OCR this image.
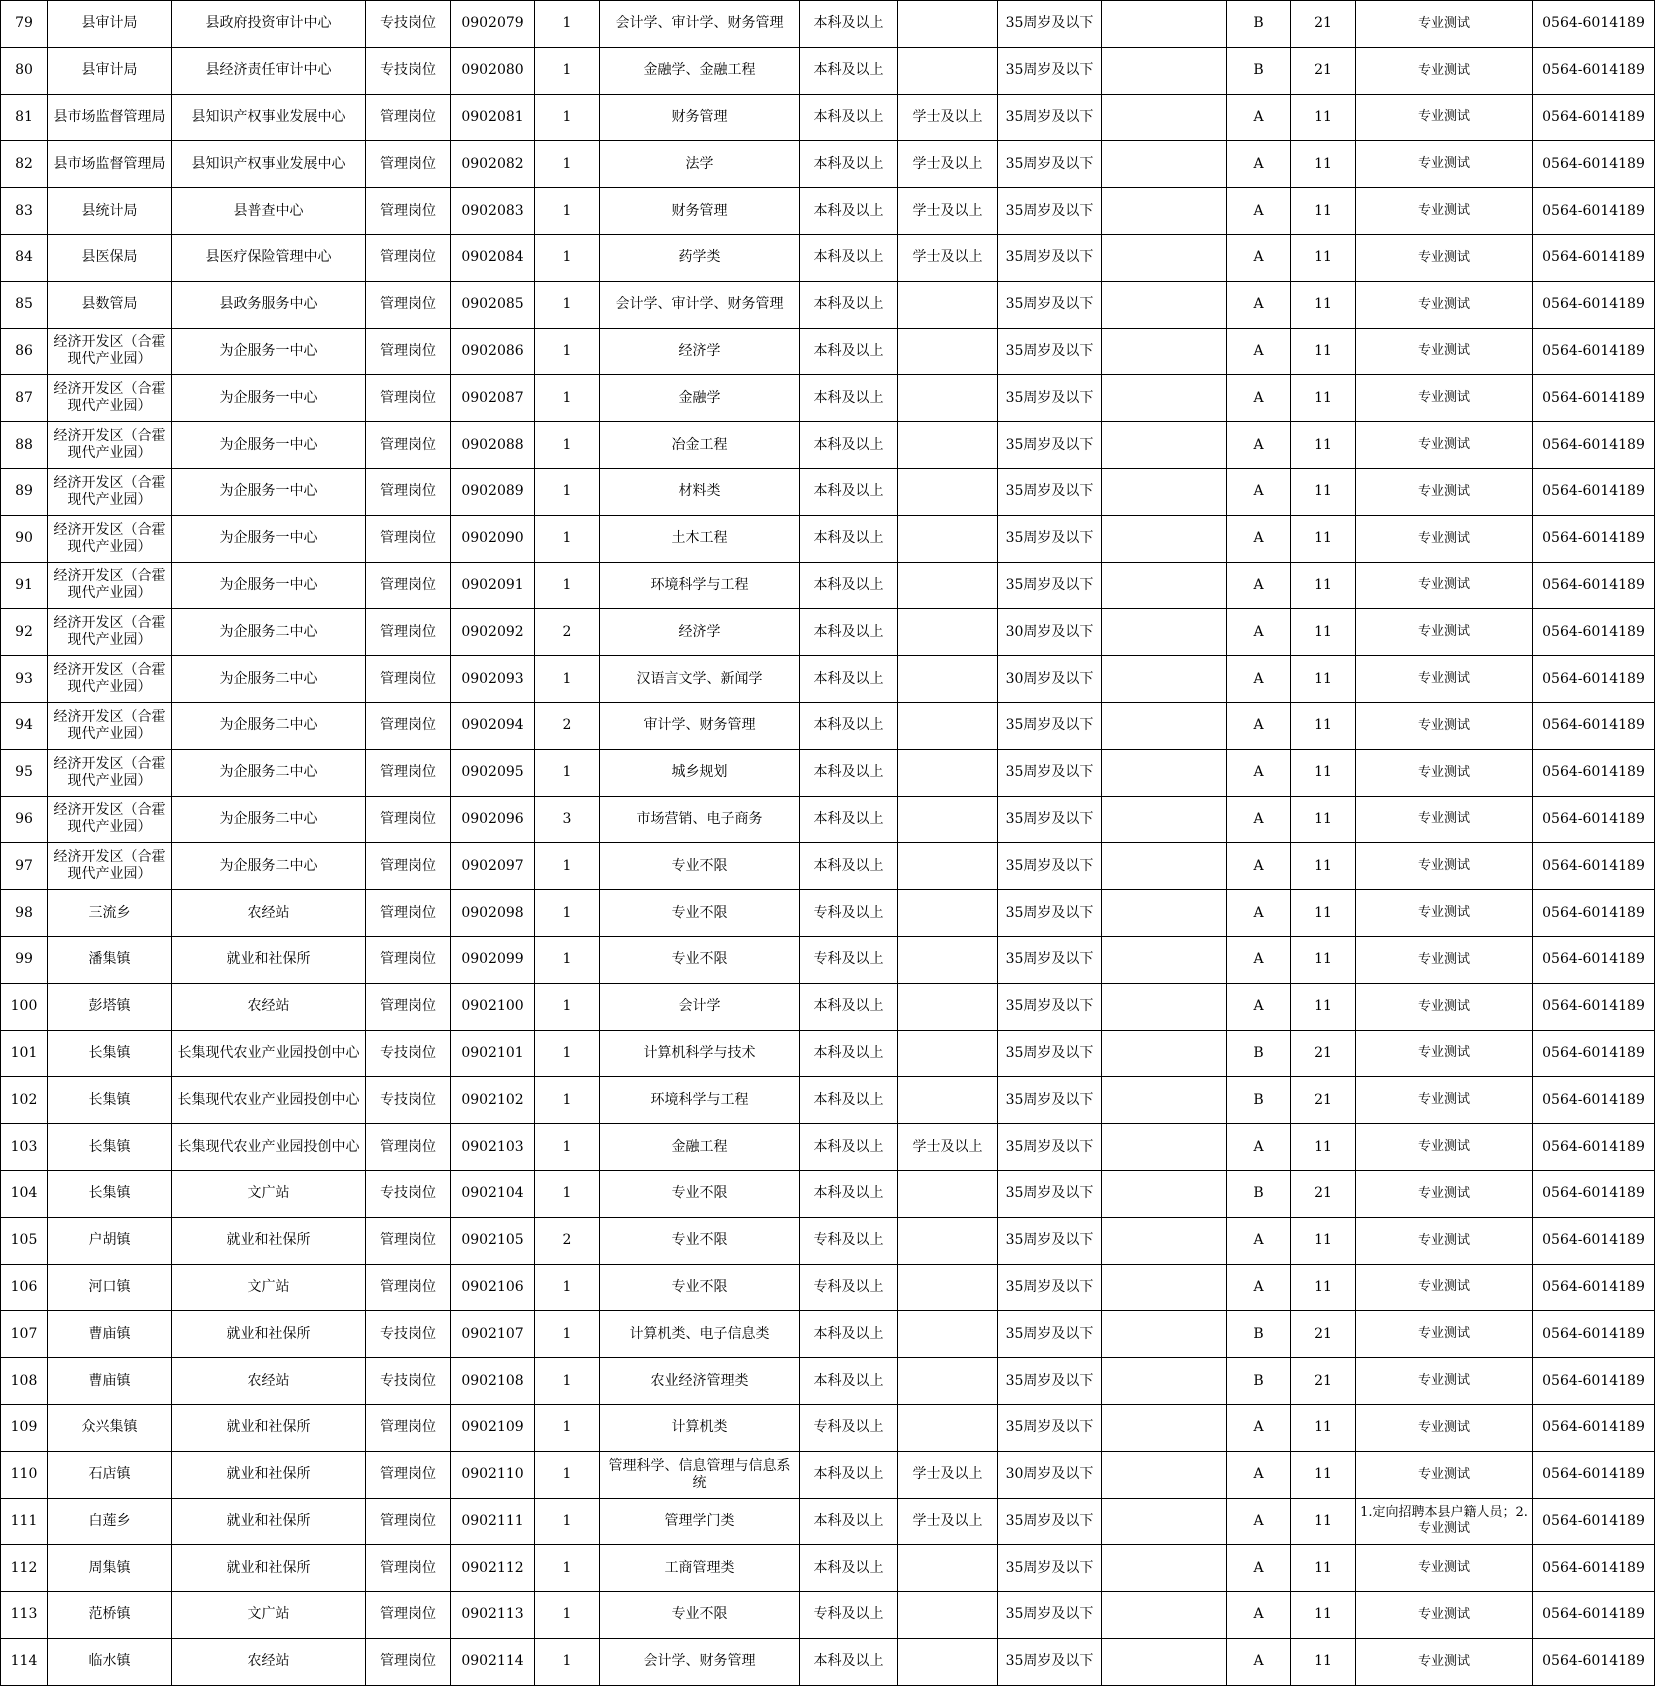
79	县审计局	县政府投资审计中心	专技岗位	0902079	1	会计学、审计学、财务管理	本科及以上		35周岁及以下		B	21	专业测试	0564-6014189
80	县审计局	县经济责任审计中心	专技岗位	0902080	1	金融学、金融工程	本科及以上		35周岁及以下		B	21	专业测试	0564-6014189
81	县市场监督管理局	县知识产权事业发展中心	管理岗位	0902081	1	财务管理	本科及以上	学士及以上	35周岁及以下		A	11	专业测试	0564-6014189
82	县市场监督管理局	县知识产权事业发展中心	管理岗位	0902082	1	法学	本科及以上	学士及以上	35周岁及以下		A	11	专业测试	0564-6014189
83	县统计局	县普查中心	管理岗位	0902083	1	财务管理	本科及以上	学士及以上	35周岁及以下		A	11	专业测试	0564-6014189
84	县医保局	县医疗保险管理中心	管理岗位	0902084	1	药学类	本科及以上	学士及以上	35周岁及以下		A	11	专业测试	0564-6014189
85	县数管局	县政务服务中心	管理岗位	0902085	1	会计学、审计学、财务管理	本科及以上		35周岁及以下		A	11	专业测试	0564-6014189
86	经济开发区（合霍现代产业园）	为企服务一中心	管理岗位	0902086	1	经济学	本科及以上		35周岁及以下		A	11	专业测试	0564-6014189
87	经济开发区（合霍现代产业园）	为企服务一中心	管理岗位	0902087	1	金融学	本科及以上		35周岁及以下		A	11	专业测试	0564-6014189
88	经济开发区（合霍现代产业园）	为企服务一中心	管理岗位	0902088	1	冶金工程	本科及以上		35周岁及以下		A	11	专业测试	0564-6014189
89	经济开发区（合霍现代产业园）	为企服务一中心	管理岗位	0902089	1	材料类	本科及以上		35周岁及以下		A	11	专业测试	0564-6014189
90	经济开发区（合霍现代产业园）	为企服务一中心	管理岗位	0902090	1	土木工程	本科及以上		35周岁及以下		A	11	专业测试	0564-6014189
91	经济开发区（合霍现代产业园）	为企服务一中心	管理岗位	0902091	1	环境科学与工程	本科及以上		35周岁及以下		A	11	专业测试	0564-6014189
92	经济开发区（合霍现代产业园）	为企服务二中心	管理岗位	0902092	2	经济学	本科及以上		30周岁及以下		A	11	专业测试	0564-6014189
93	经济开发区（合霍现代产业园）	为企服务二中心	管理岗位	0902093	1	汉语言文学、新闻学	本科及以上		30周岁及以下		A	11	专业测试	0564-6014189
94	经济开发区（合霍现代产业园）	为企服务二中心	管理岗位	0902094	2	审计学、财务管理	本科及以上		35周岁及以下		A	11	专业测试	0564-6014189
95	经济开发区（合霍现代产业园）	为企服务二中心	管理岗位	0902095	1	城乡规划	本科及以上		35周岁及以下		A	11	专业测试	0564-6014189
96	经济开发区（合霍现代产业园）	为企服务二中心	管理岗位	0902096	3	市场营销、电子商务	本科及以上		35周岁及以下		A	11	专业测试	0564-6014189
97	经济开发区（合霍现代产业园）	为企服务二中心	管理岗位	0902097	1	专业不限	本科及以上		35周岁及以下		A	11	专业测试	0564-6014189
98	三流乡	农经站	管理岗位	0902098	1	专业不限	专科及以上		35周岁及以下		A	11	专业测试	0564-6014189
99	潘集镇	就业和社保所	管理岗位	0902099	1	专业不限	专科及以上		35周岁及以下		A	11	专业测试	0564-6014189
100	彭塔镇	农经站	管理岗位	0902100	1	会计学	本科及以上		35周岁及以下		A	11	专业测试	0564-6014189
101	长集镇	长集现代农业产业园投创中心	专技岗位	0902101	1	计算机科学与技术	本科及以上		35周岁及以下		B	21	专业测试	0564-6014189
102	长集镇	长集现代农业产业园投创中心	专技岗位	0902102	1	环境科学与工程	本科及以上		35周岁及以下		B	21	专业测试	0564-6014189
103	长集镇	长集现代农业产业园投创中心	管理岗位	0902103	1	金融工程	本科及以上	学士及以上	35周岁及以下		A	11	专业测试	0564-6014189
104	长集镇	文广站	专技岗位	0902104	1	专业不限	本科及以上		35周岁及以下		B	21	专业测试	0564-6014189
105	户胡镇	就业和社保所	管理岗位	0902105	2	专业不限	专科及以上		35周岁及以下		A	11	专业测试	0564-6014189
106	河口镇	文广站	管理岗位	0902106	1	专业不限	专科及以上		35周岁及以下		A	11	专业测试	0564-6014189
107	曹庙镇	就业和社保所	专技岗位	0902107	1	计算机类、电子信息类	本科及以上		35周岁及以下		B	21	专业测试	0564-6014189
108	曹庙镇	农经站	专技岗位	0902108	1	农业经济管理类	本科及以上		35周岁及以下		B	21	专业测试	0564-6014189
109	众兴集镇	就业和社保所	管理岗位	0902109	1	计算机类	专科及以上		35周岁及以下		A	11	专业测试	0564-6014189
110	石店镇	就业和社保所	管理岗位	0902110	1	管理科学、信息管理与信息系统	本科及以上	学士及以上	30周岁及以下		A	11	专业测试	0564-6014189
111	白莲乡	就业和社保所	管理岗位	0902111	1	管理学门类	本科及以上	学士及以上	35周岁及以下		A	11	1.定向招聘本县户籍人员；2.专业测试	0564-6014189
112	周集镇	就业和社保所	管理岗位	0902112	1	工商管理类	本科及以上		35周岁及以下		A	11	专业测试	0564-6014189
113	范桥镇	文广站	管理岗位	0902113	1	专业不限	专科及以上		35周岁及以下		A	11	专业测试	0564-6014189
114	临水镇	农经站	管理岗位	0902114	1	会计学、财务管理	本科及以上		35周岁及以下		A	11	专业测试	0564-6014189
